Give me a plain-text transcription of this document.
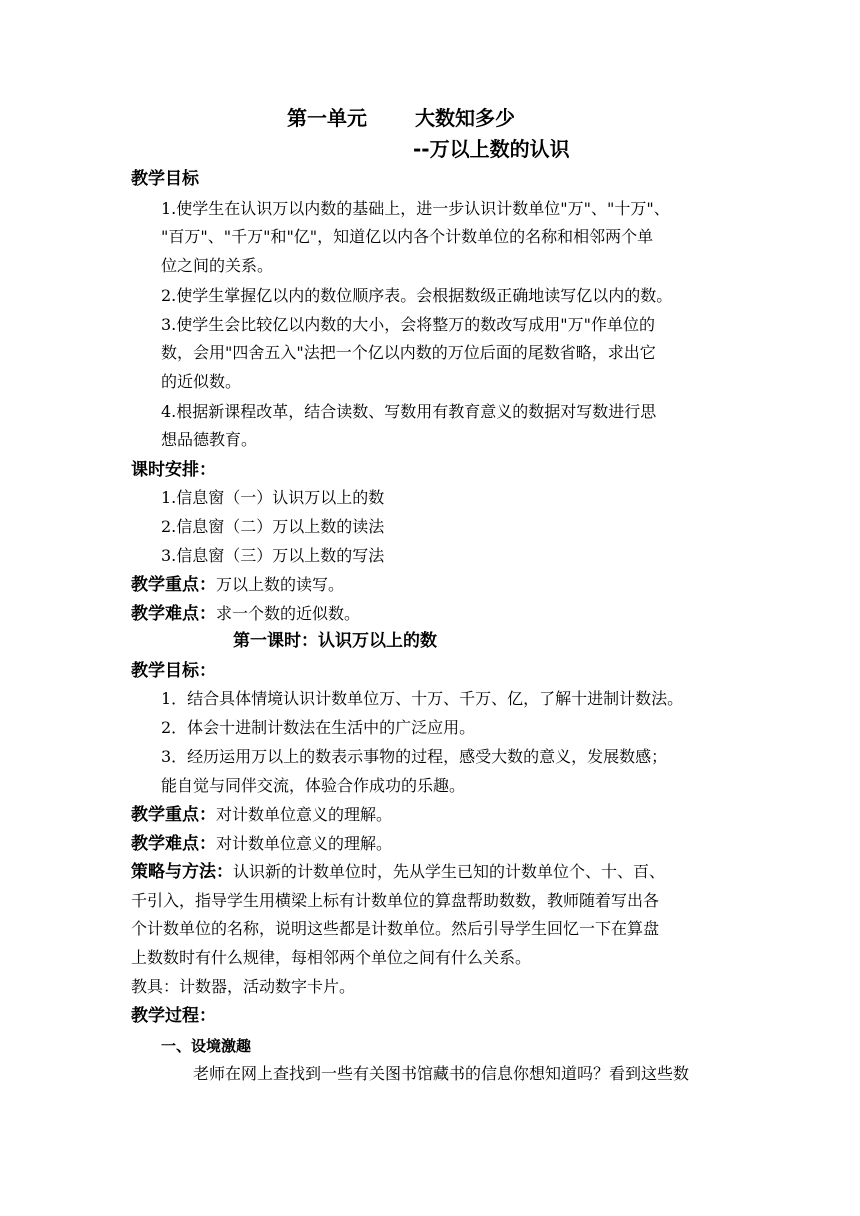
第一单元 大数知多少
--万以上数的认识
教学目标
1.使学生在认识万以内数的基础上，进一步认识计数单位"万"、"十万"、
"百万"、"千万"和"亿"，知道亿以内各个计数单位的名称和相邻两个单
位之间的关系。
2.使学生掌握亿以内的数位顺序表。会根据数级正确地读写亿以内的数。
3.使学生会比较亿以内数的大小，会将整万的数改写成用"万"作单位的
数，会用"四舍五入"法把一个亿以内数的万位后面的尾数省略，求出它
的近似数。
4.根据新课程改革，结合读数、写数用有教育意义的数据对写数进行思
想品德教育。
课时安排：
1.信息窗（一）认识万以上的数
2.信息窗（二）万以上数的读法
3.信息窗（三）万以上数的写法
教学重点：万以上数的读写。
教学难点：求一个数的近似数。
第一课时：认识万以上的数
教学目标：
1．结合具体情境认识计数单位万、十万、千万、亿，了解十进制计数法。
2．体会十进制计数法在生活中的广泛应用。
3．经历运用万以上的数表示事物的过程，感受大数的意义，发展数感；
能自觉与同伴交流，体验合作成功的乐趣。
教学重点：对计数单位意义的理解。
教学难点：对计数单位意义的理解。
策略与方法：认识新的计数单位时，先从学生已知的计数单位个、十、百、
千引入，指导学生用横梁上标有计数单位的算盘帮助数数，教师随着写出各
个计数单位的名称，说明这些都是计数单位。然后引导学生回忆一下在算盘
上数数时有什么规律，每相邻两个单位之间有什么关系。
教具：计数器，活动数字卡片。
教学过程：
一、设境激趣
老师在网上查找到一些有关图书馆藏书的信息你想知道吗？看到这些数
